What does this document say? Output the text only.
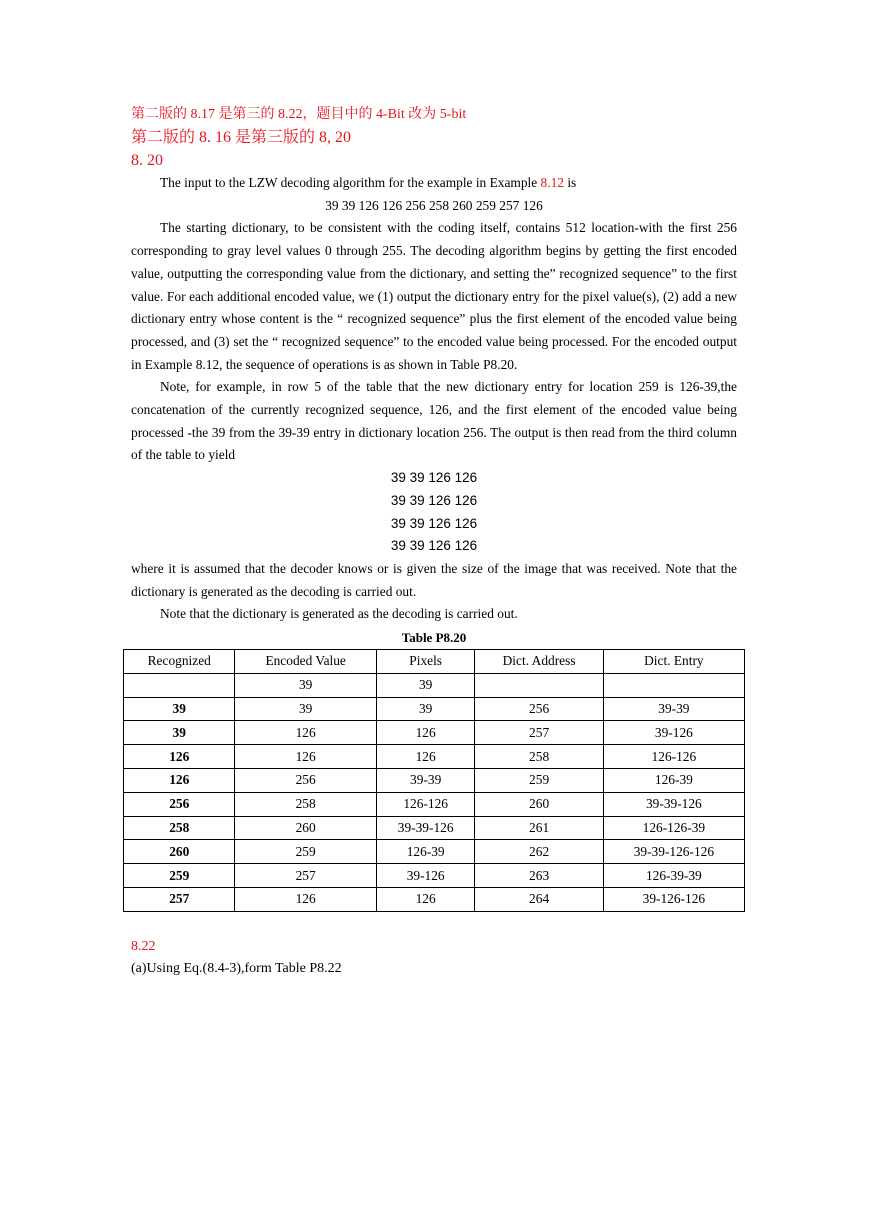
第二版的 8.17 是第三的 8.22，题目中的 4-Bit 改为 5-bit
第二版的 8. 16 是第三版的 8, 20
8. 20

The input to the LZW decoding algorithm for the example in Example 8.12 is

39 39 126 126 256 258 260 259 257 126

The starting dictionary, to be consistent with the coding itself, contains 512 location-with the first 256 corresponding to gray level values 0 through 255. The decoding algorithm begins by getting the first encoded value, outputting the corresponding value from the dictionary, and setting the” recognized sequence” to the first value. For each additional encoded value, we (1) output the dictionary entry for the pixel value(s), (2) add a new dictionary entry whose content is the “ recognized sequence” plus the first element of the encoded value being processed, and (3) set the “ recognized sequence” to the encoded value being processed. For the encoded output in Example 8.12, the sequence of operations is as shown in Table P8.20.

Note, for example, in row 5 of the table that the new dictionary entry for location 259 is 126-39,the concatenation of the currently recognized sequence, 126, and the first element of the encoded value being processed -the 39 from the 39-39 entry in dictionary location 256. The output is then read from the third column of the table to yield

39 39 126 126
39 39 126 126
39 39 126 126
39 39 126 126

where it is assumed that the decoder knows or is given the size of the image that was received. Note that the dictionary is generated as the decoding is carried out.

Note that the dictionary is generated as the decoding is carried out.

Table P8.20
Recognized	Encoded Value	Pixels	Dict. Address	Dict. Entry
	39	39		
39	39	39	256	39-39
39	126	126	257	39-126
126	126	126	258	126-126
126	256	39-39	259	126-39
256	258	126-126	260	39-39-126
258	260	39-39-126	261	126-126-39
260	259	126-39	262	39-39-126-126
259	257	39-126	263	126-39-39
257	126	126	264	39-126-126
8.22
(a)Using Eq.(8.4-3),form Table P8.22
